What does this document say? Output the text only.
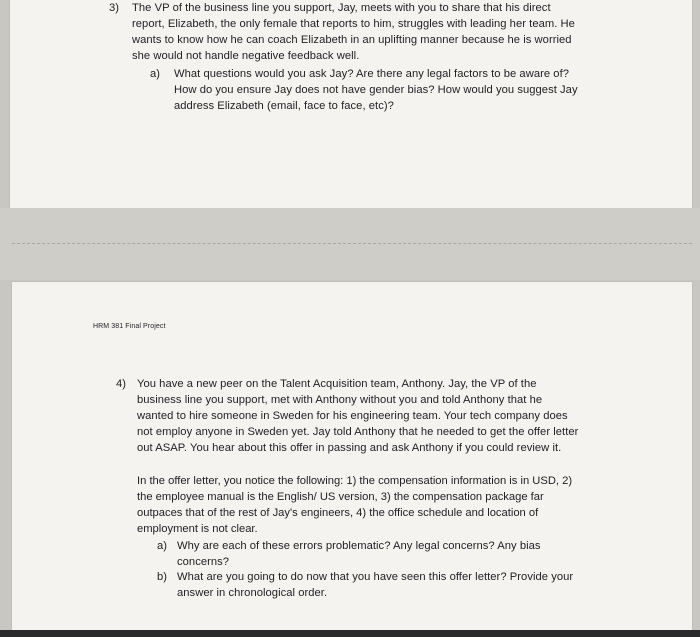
3) The VP of the business line you support, Jay, meets with you to share that his direct
report, Elizabeth, the only female that reports to him, struggles with leading her team. He
wants to know how he can coach Elizabeth in an uplifting manner because he is worried
she would not handle negative feedback well.
a) What questions would you ask Jay? Are there any legal factors to be aware of?
How do you ensure Jay does not have gender bias? How would you suggest Jay
address Elizabeth (email, face to face, etc)?
HRM 381 Final Project
4) You have a new peer on the Talent Acquisition team, Anthony. Jay, the VP of the
business line you support, met with Anthony without you and told Anthony that he
wanted to hire someone in Sweden for his engineering team. Your tech company does
not employ anyone in Sweden yet. Jay told Anthony that he needed to get the offer letter
out ASAP. You hear about this offer in passing and ask Anthony if you could review it.
In the offer letter, you notice the following: 1) the compensation information is in USD, 2)
the employee manual is the English/ US version, 3) the compensation package far
outpaces that of the rest of Jay's engineers, 4) the office schedule and location of
employment is not clear.
a) Why are each of these errors problematic? Any legal concerns? Any bias
concerns?
b) What are you going to do now that you have seen this offer letter? Provide your
answer in chronological order.
